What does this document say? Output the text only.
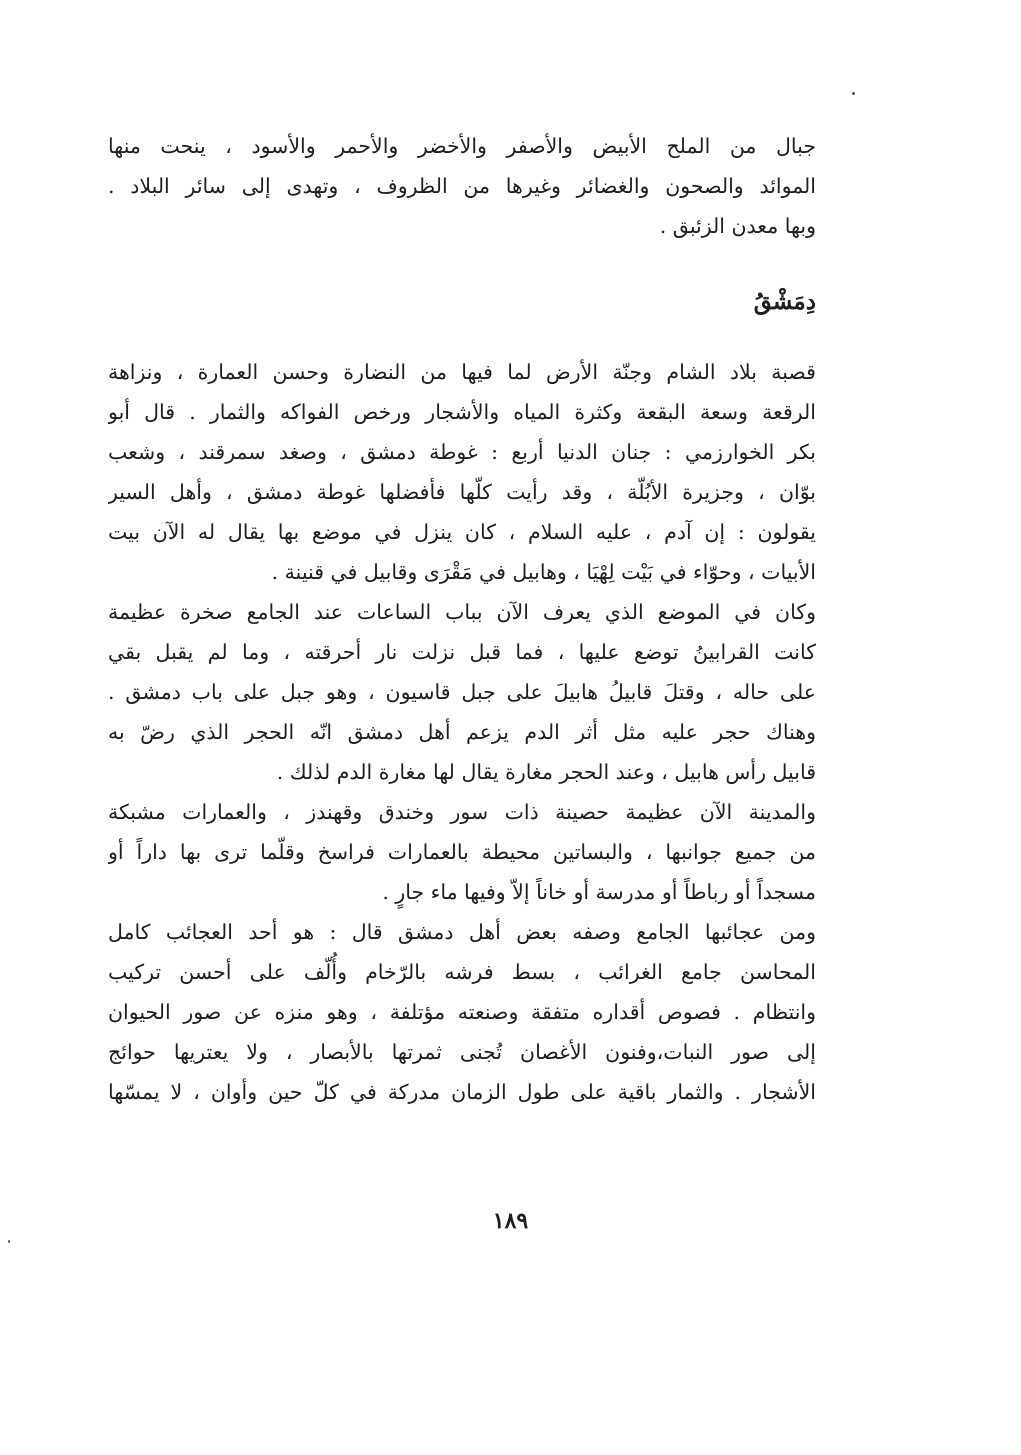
جبال من الملح الأبيض والأصفر والأخضر والأحمر والأسود ، ينحت منها
الموائد والصحون والغضائر وغيرها من الظروف ، وتهدى إلى سائر البلاد .
وبها معدن الزئبق .
دِمَشْقُ
قصبة بلاد الشام وجنّة الأرض لما فيها من النضارة وحسن العمارة ، ونزاهة
الرقعة وسعة البقعة وكثرة المياه والأشجار ورخص الفواكه والثمار . قال أبو
بكر الخوارزمي : جنان الدنيا أربع : غوطة دمشق ، وصغد سمرقند ، وشعب
بوّان ، وجزيرة الأبُلّة ، وقد رأيت كلّها فأفضلها غوطة دمشق ، وأهل السير
يقولون : إن آدم ، عليه السلام ، كان ينزل في موضع بها يقال له الآن بيت
الأبيات ، وحوّاء في بَيْت لِهْيَا ، وهابيل في مَقْرَى وقابيل في قنينة .
وكان في الموضع الذي يعرف الآن بباب الساعات عند الجامع صخرة عظيمة
كانت القرابينُ توضع عليها ، فما قبل نزلت نار أحرقته ، وما لم يقبل بقي
على حاله ، وقتلَ قابيلُ هابيلَ على جبل قاسيون ، وهو جبل على باب دمشق .
وهناك حجر عليه مثل أثر الدم يزعم أهل دمشق انّه الحجر الذي رضّ به
قابيل رأس هابيل ، وعند الحجر مغارة يقال لها مغارة الدم لذلك .
والمدينة الآن عظيمة حصينة ذات سور وخندق وقهندز ، والعمارات مشبكة
من جميع جوانبها ، والبساتين محيطة بالعمارات فراسخ وقلّما ترى بها داراً أو
مسجداً أو رباطاً أو مدرسة أو خاناً إلاّ وفيها ماء جارٍ .
ومن عجائبها الجامع وصفه بعض أهل دمشق قال : هو أحد العجائب كامل
المحاسن جامع الغرائب ، بسط فرشه بالرّخام وأُلّف على أحسن تركيب
وانتظام . فصوص أقداره متفقة وصنعته مؤتلفة ، وهو منزه عن صور الحيوان
إلى صور النبات،وفنون الأغصان تُجنى ثمرتها بالأبصار ، ولا يعتريها حوائج
الأشجار . والثمار باقية على طول الزمان مدركة في كلّ حين وأوان ، لا يمسّها
١٨٩
